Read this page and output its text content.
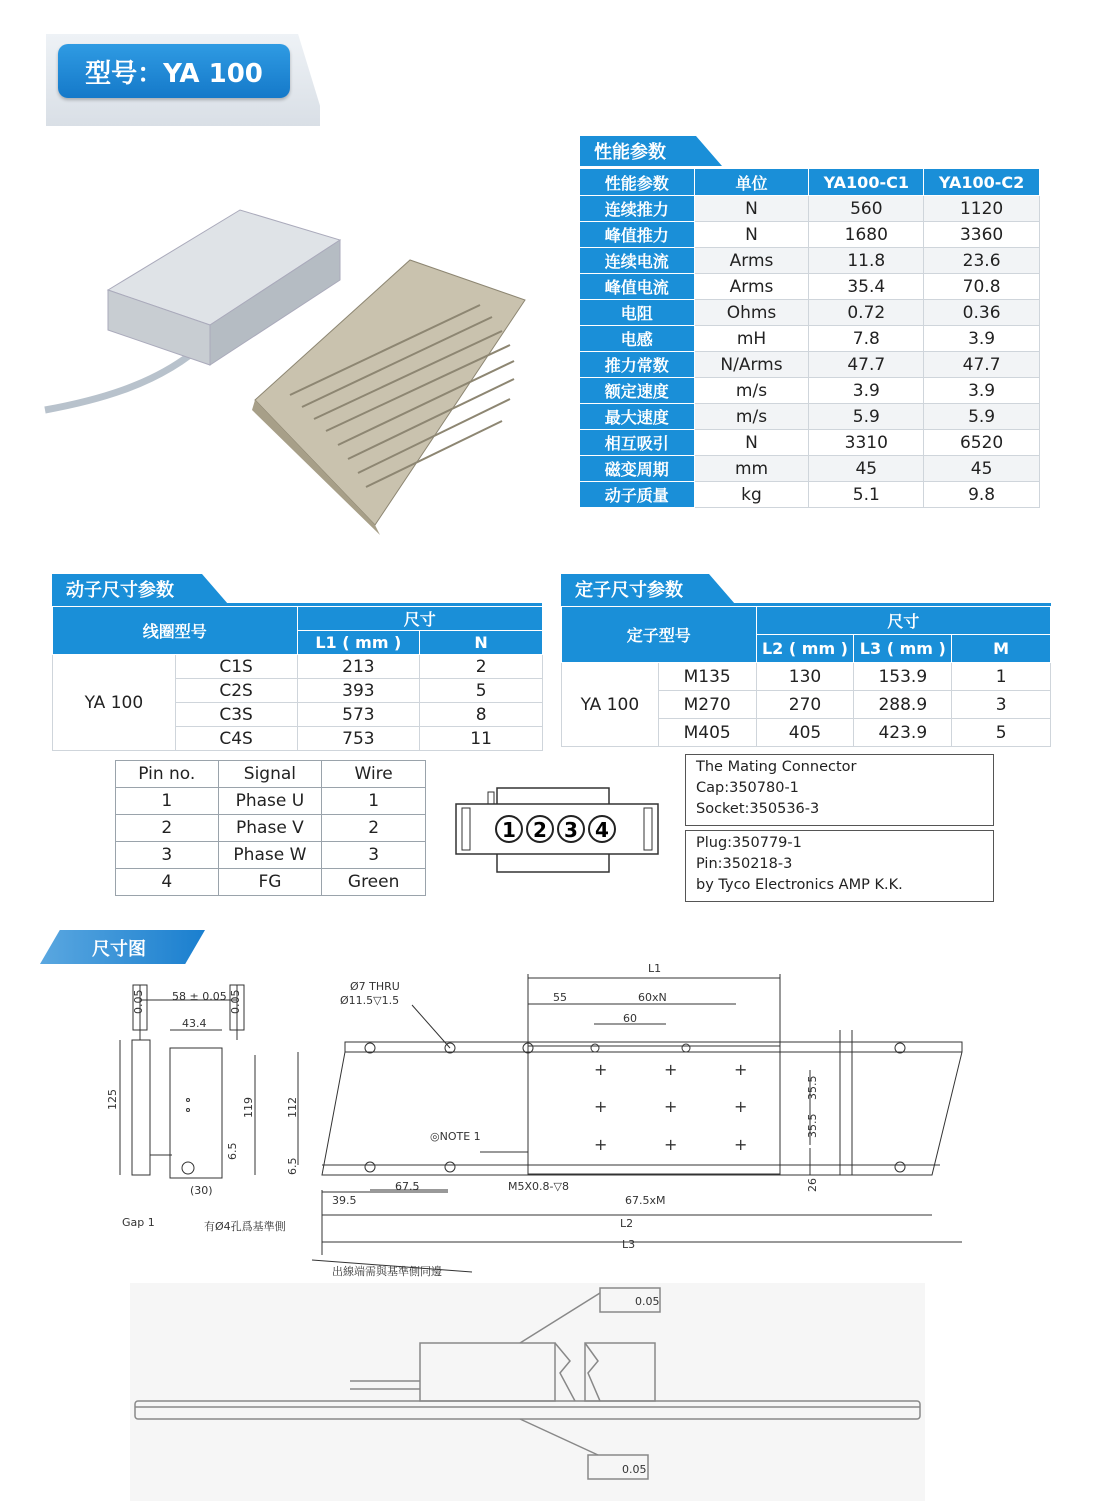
型号：YA 100
性能参数
性能参数	单位	YA100-C1	YA100-C2
连续推力	N	560	1120
峰值推力	N	1680	3360
连续电流	Arms	11.8	23.6
峰值电流	Arms	35.4	70.8
电阻	Ohms	0.72	0.36
电感	mH	7.8	3.9
推力常数	N/Arms	47.7	47.7
额定速度	m/s	3.9	3.9
最大速度	m/s	5.9	5.9
相互吸引	N	3310	6520
磁变周期	mm	45	45
动子质量	kg	5.1	9.8
动子尺寸参数
线圈型号		尺寸	
		L1 ( mm )	N
YA 100	C1S	213	2
	C2S	393	5
	C3S	573	8
	C4S	753	11
定子尺寸参数
定子型号		尺寸		
		L2 ( mm )	L3 ( mm )	M
YA 100	M135	130	153.9	1
	M270	270	288.9	3
	M405	405	423.9	5
Pin no.	Signal	Wire
1	Phase U	1
2	Phase V	2
3	Phase W	3
4	FG	Green
1 2 3 4
The Mating Connector
Cap:350780-1
Socket:350536-3
Plug:350779-1
Pin:350218-3
by Tyco Electronics AMP K.K.
尺寸图
+	+	+
+	+	+
+	+	+
0.05	0.05
58 ± 0.05
43.4
125	119
6.5
(30)
Gap 1	有Ø4孔爲基準側
Ø7 THRU
Ø11.5▽1.5
L1
55	60xN
60
112
6.5
◎NOTE 1
39.5
67.5	M5X0.8-▽8
67.5xM
L2
L3
35.5
35.5
26
出線端需與基準側同邊
0.05
0.05
